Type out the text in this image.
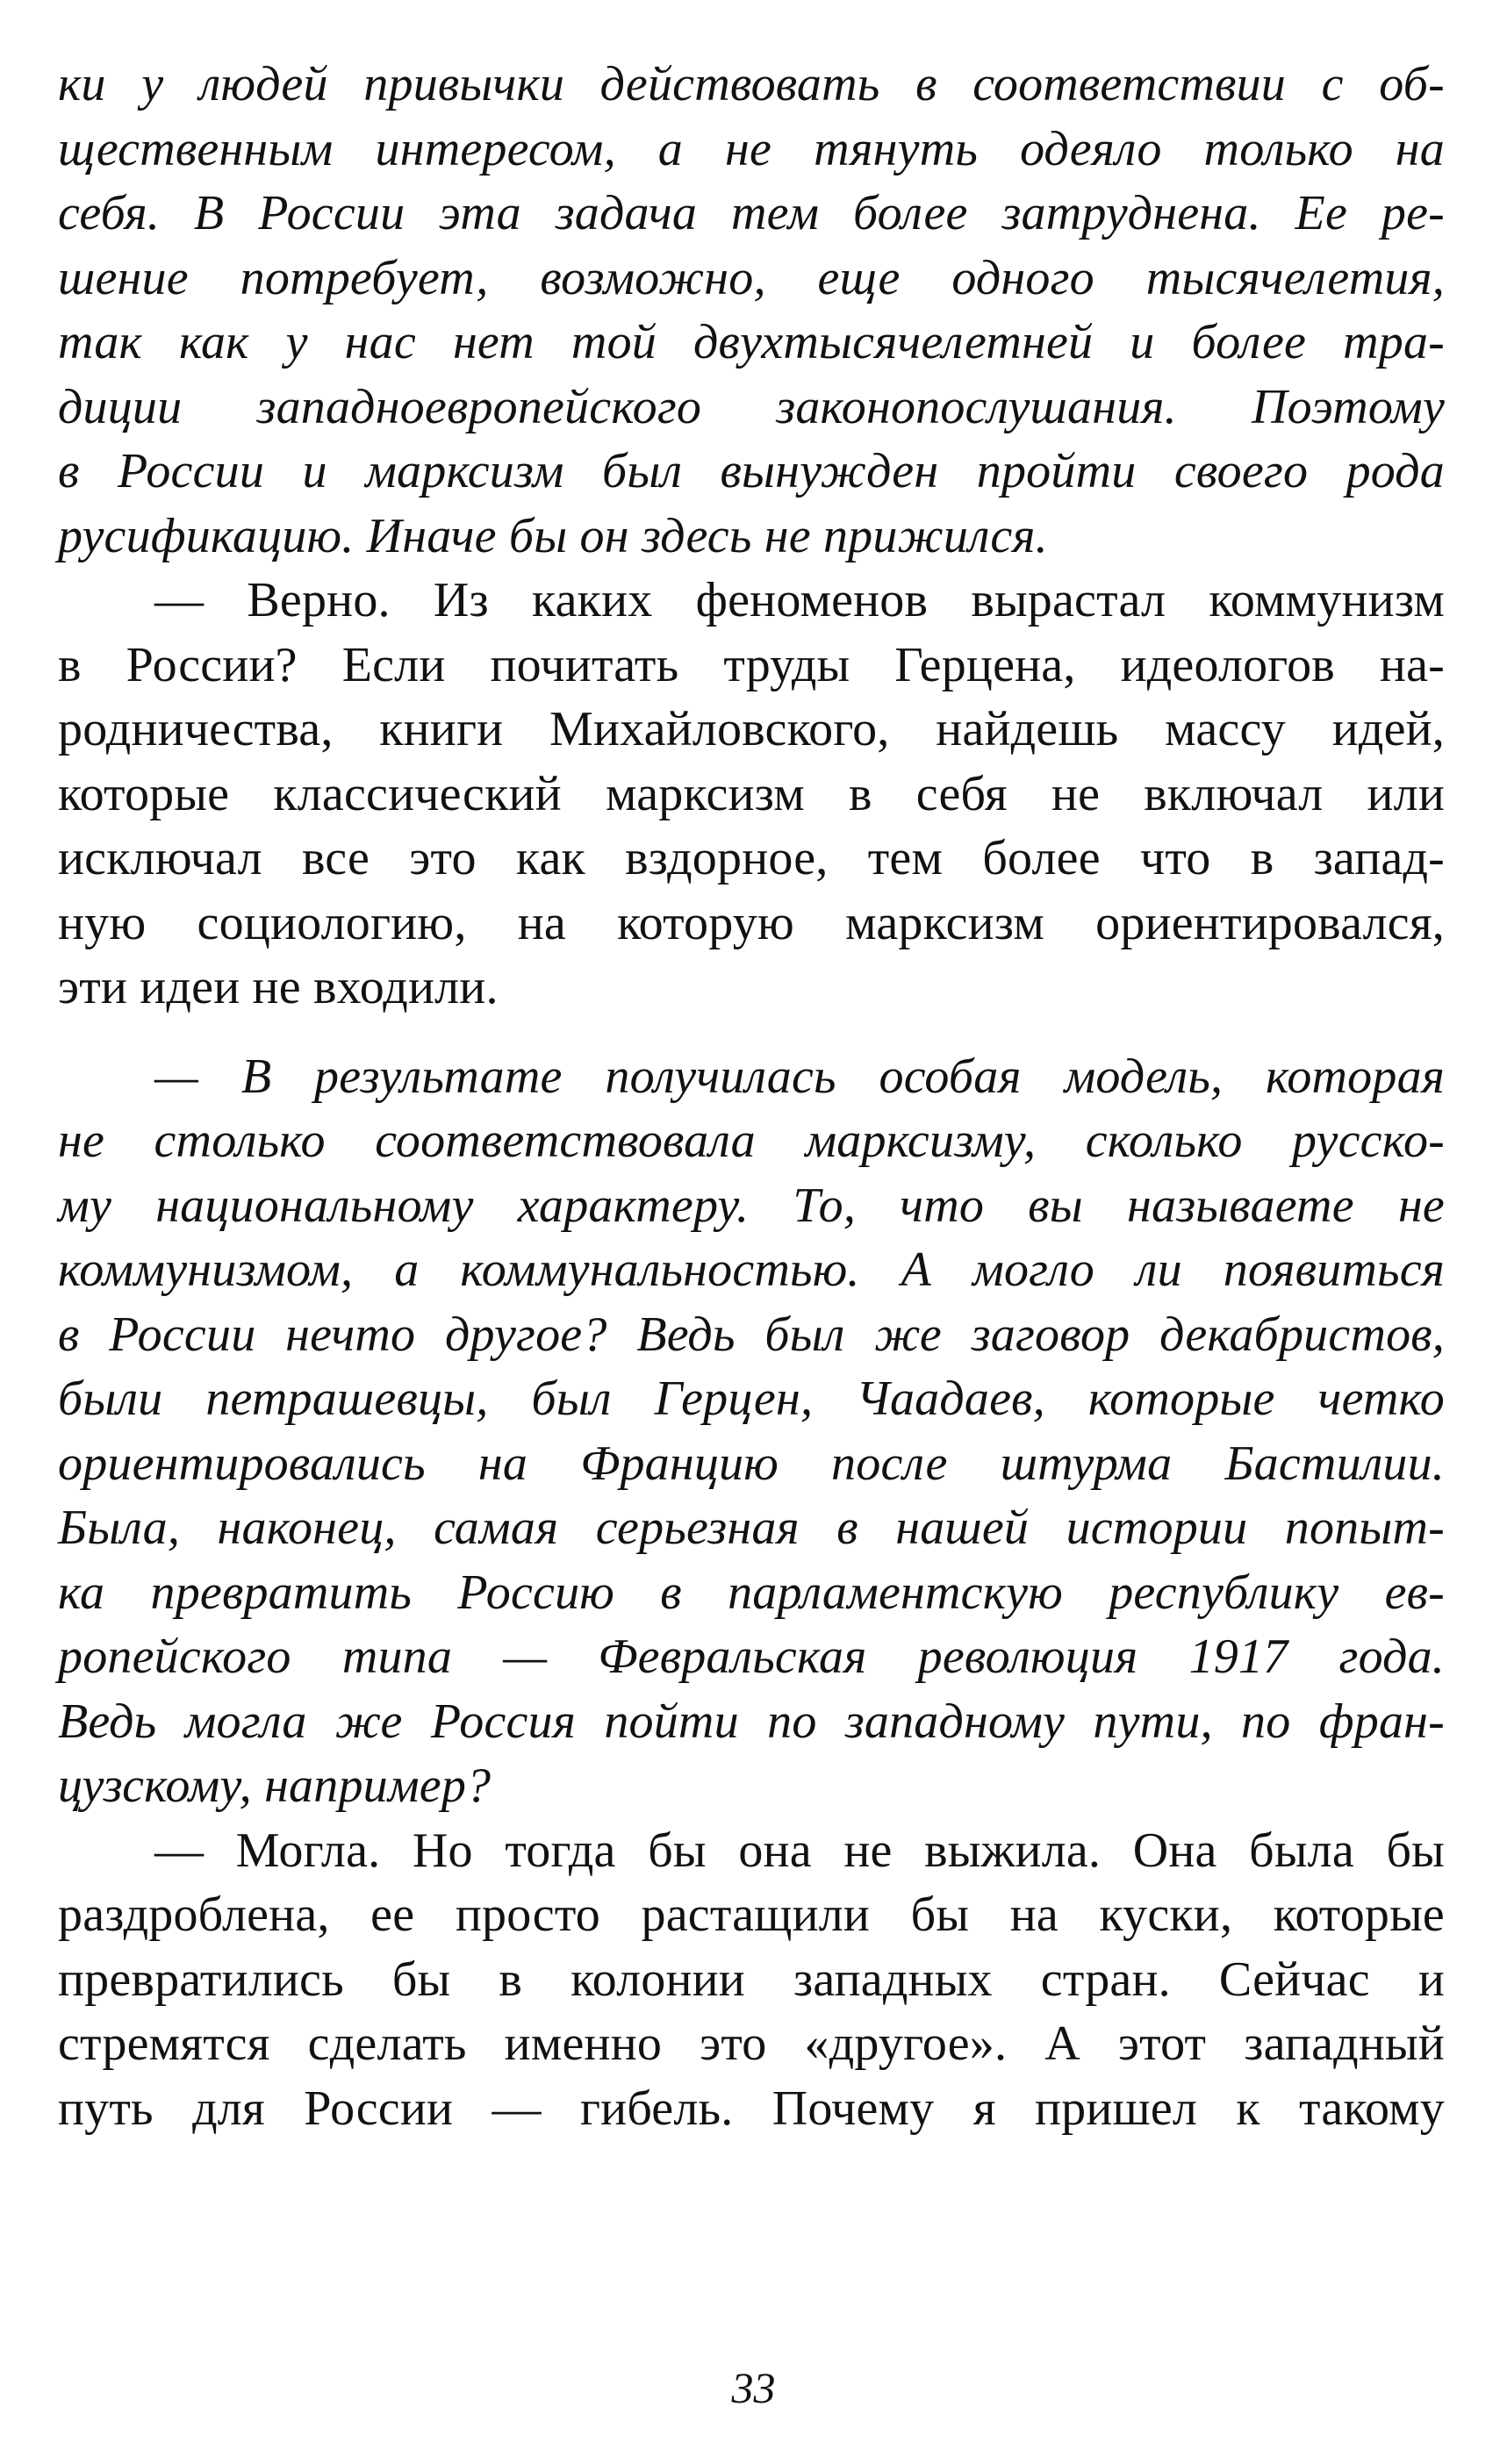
ки у людей привычки действовать в соответствии с об-
щественным интересом, а не тянуть одеяло только на
себя. В России эта задача тем более затруднена. Ее ре-
шение потребует, возможно, еще одного тысячелетия,
так как у нас нет той двухтысячелетней и более тра-
диции западноевропейского законопослушания. Поэтому
в России и марксизм был вынужден пройти своего рода
русификацию. Иначе бы он здесь не прижился.
— Верно. Из каких феноменов вырастал коммунизм
в России? Если почитать труды Герцена, идеологов на-
родничества, книги Михайловского, найдешь массу идей,
которые классический марксизм в себя не включал или
исключал все это как вздорное, тем более что в запад-
ную социологию, на которую марксизм ориентировался,
эти идеи не входили.
— В результате получилась особая модель, которая
не столько соответствовала марксизму, сколько русско-
му национальному характеру. То, что вы называете не
коммунизмом, а коммунальностью. А могло ли появиться
в России нечто другое? Ведь был же заговор декабристов,
были петрашевцы, был Герцен, Чаадаев, которые четко
ориентировались на Францию после штурма Бастилии.
Была, наконец, самая серьезная в нашей истории попыт-
ка превратить Россию в парламентскую республику ев-
ропейского типа — Февральская революция 1917 года.
Ведь могла же Россия пойти по западному пути, по фран-
цузскому, например?
— Могла. Но тогда бы она не выжила. Она была бы
раздроблена, ее просто растащили бы на куски, которые
превратились бы в колонии западных стран. Сейчас и
стремятся сделать именно это «другое». А этот западный
путь для России — гибель. Почему я пришел к такому
33
